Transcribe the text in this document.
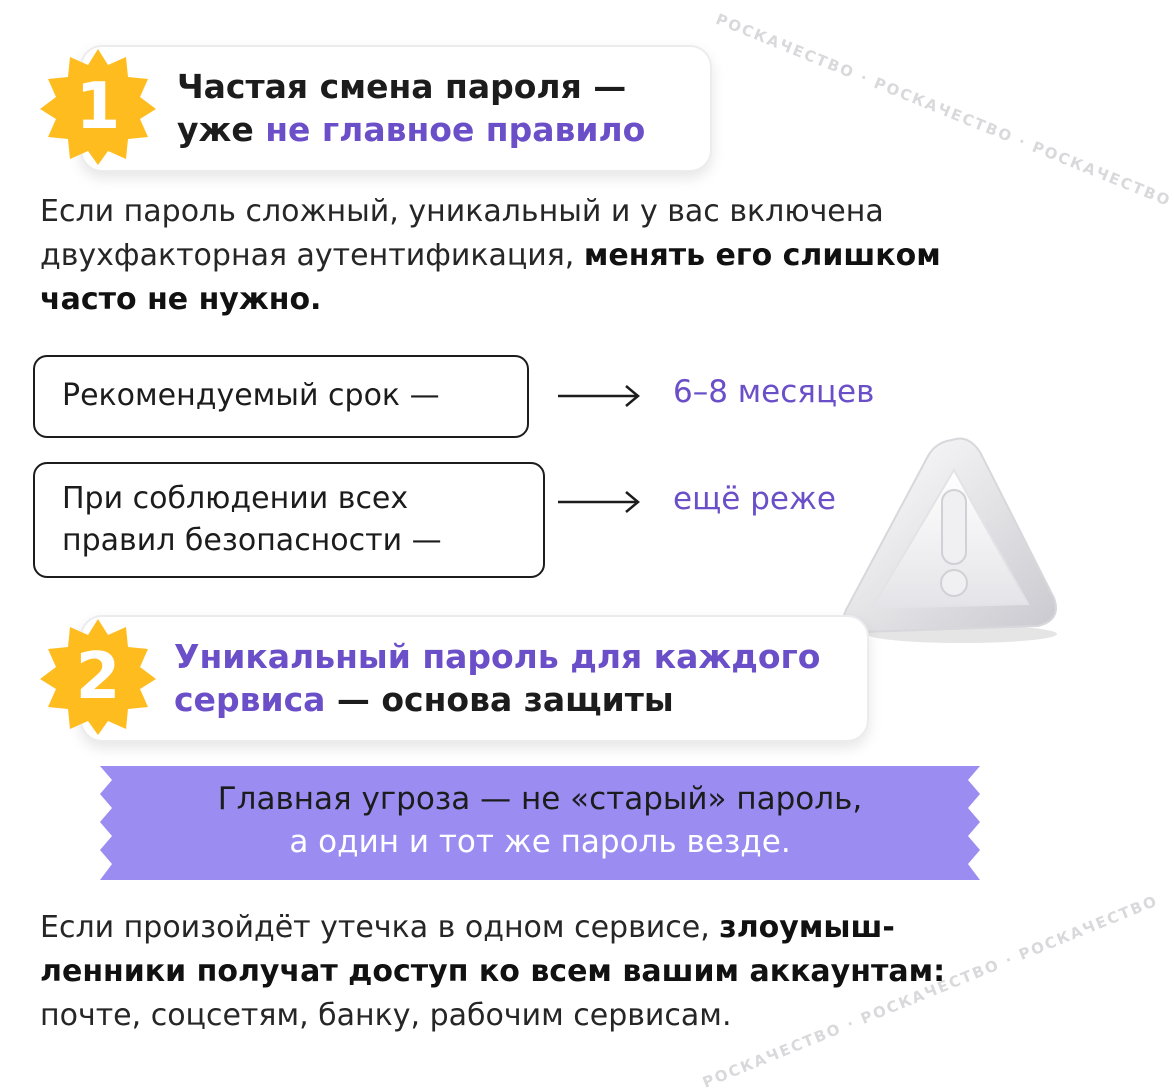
РОСКАЧЕСТВО · РОСКАЧЕСТВО · РОСКАЧЕСТВО
РОСКАЧЕСТВО · РОСКАЧЕСТВО · РОСКАЧЕСТВО
Частая смена пароля —
уже не главное правило
1
Если пароль сложный, уникальный и у вас включена
двухфакторная аутентификация, менять его слишком
часто не нужно.
Рекомендуемый срок —	6–8 месяцев
При соблюдении всех
правил безопасности —
ещё реже
Уникальный пароль для каждого
сервиса — основа защиты
2
Главная угроза — не «старый» пароль,
а один и тот же пароль везде.
Если произойдёт утечка в одном сервисе, злоумыш-
ленники получат доступ ко всем вашим аккаунтам:
почте, соцсетям, банку, рабочим сервисам.
